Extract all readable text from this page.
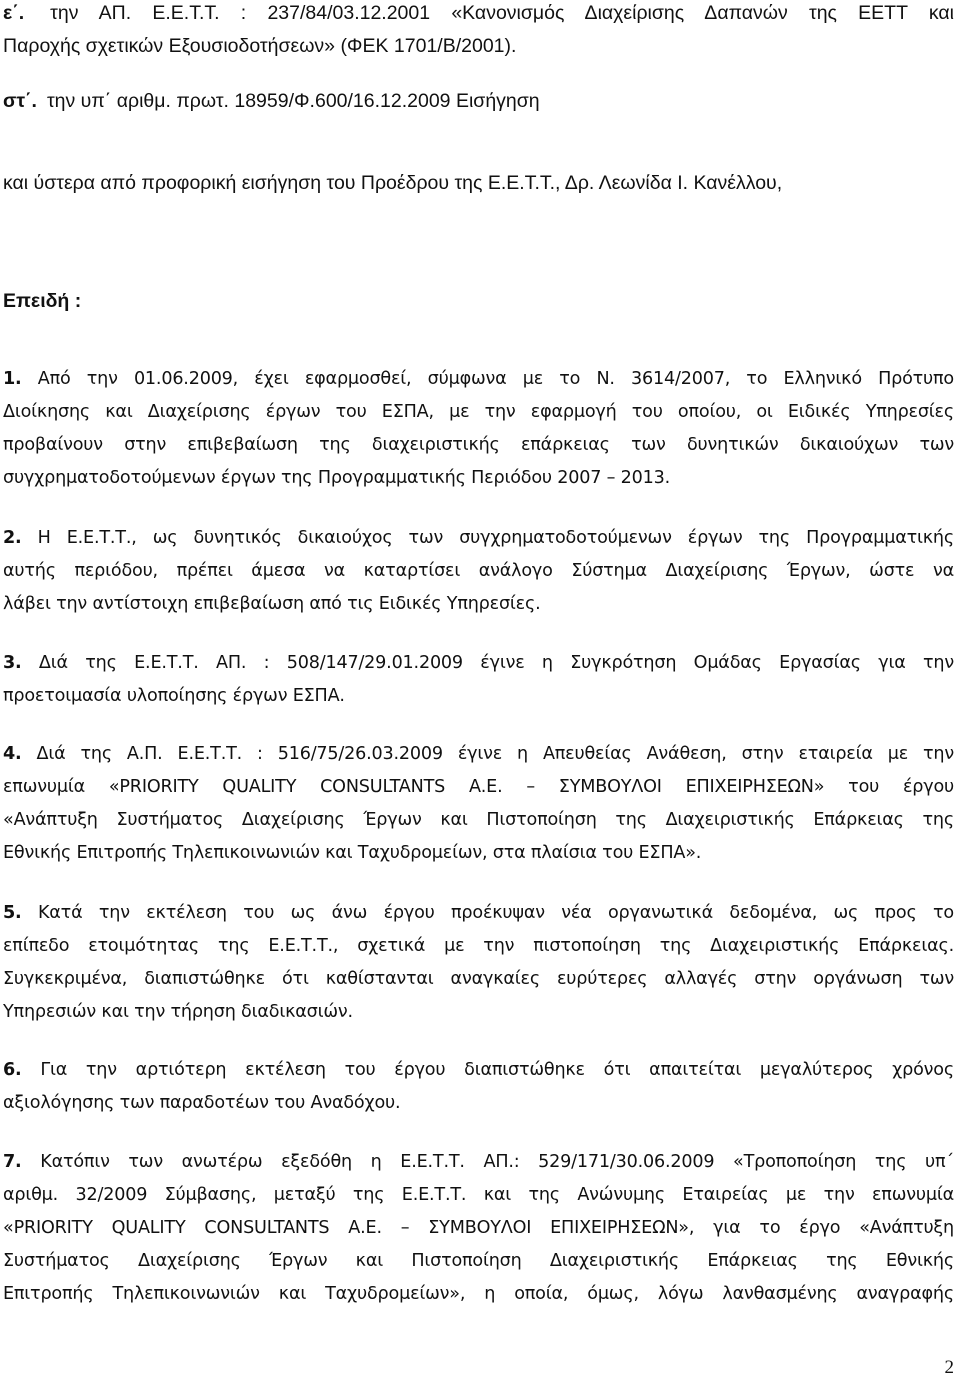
ε΄. την ΑΠ. Ε.Ε.Τ.Τ. : 237/84/03.12.2001 «Κανονισμός Διαχείρισης Δαπανών της ΕΕΤΤ και
Παροχής σχετικών Εξουσιοδοτήσεων» (ΦΕΚ 1701/Β/2001).
στ΄. την υπ΄ αριθμ. πρωτ. 18959/Φ.600/16.12.2009 Εισήγηση
και ύστερα από προφορική εισήγηση του Προέδρου της Ε.Ε.Τ.Τ., Δρ. Λεωνίδα Ι. Κανέλλου,
Επειδή :
1. Από την 01.06.2009, έχει εφαρμοσθεί, σύμφωνα με το Ν. 3614/2007, το Ελληνικό Πρότυπο
Διοίκησης και Διαχείρισης έργων του ΕΣΠΑ, με την εφαρμογή του οποίου, οι Ειδικές Υπηρεσίες
προβαίνουν στην επιβεβαίωση της διαχειριστικής επάρκειας των δυνητικών δικαιούχων των
συγχρηματοδοτούμενων έργων της Προγραμματικής Περιόδου 2007 – 2013.
2. Η Ε.Ε.Τ.Τ., ως δυνητικός δικαιούχος των συγχρηματοδοτούμενων έργων της Προγραμματικής
αυτής περιόδου, πρέπει άμεσα να καταρτίσει ανάλογο Σύστημα Διαχείρισης Έργων, ώστε να
λάβει την αντίστοιχη επιβεβαίωση από τις Ειδικές Υπηρεσίες.
3. Διά της Ε.Ε.Τ.Τ. ΑΠ. : 508/147/29.01.2009 έγινε η Συγκρότηση Ομάδας Εργασίας για την
προετοιμασία υλοποίησης έργων ΕΣΠΑ.
4. Διά της Α.Π. Ε.Ε.Τ.Τ. : 516/75/26.03.2009 έγινε η Απευθείας Ανάθεση, στην εταιρεία με την
επωνυμία «PRIORITY QUALITY CONSULTANTS Α.Ε. – ΣΥΜΒΟΥΛΟΙ ΕΠΙΧΕΙΡΗΣΕΩΝ» του έργου
«Ανάπτυξη Συστήματος Διαχείρισης Έργων και Πιστοποίηση της Διαχειριστικής Επάρκειας της
Εθνικής Επιτροπής Τηλεπικοινωνιών και Ταχυδρομείων, στα πλαίσια του ΕΣΠΑ».
5. Κατά την εκτέλεση του ως άνω έργου προέκυψαν νέα οργανωτικά δεδομένα, ως προς το
επίπεδο ετοιμότητας της Ε.Ε.Τ.Τ., σχετικά με την πιστοποίηση της Διαχειριστικής Επάρκειας.
Συγκεκριμένα, διαπιστώθηκε ότι καθίστανται αναγκαίες ευρύτερες αλλαγές στην οργάνωση των
Υπηρεσιών και την τήρηση διαδικασιών.
6. Για την αρτιότερη εκτέλεση του έργου διαπιστώθηκε ότι απαιτείται μεγαλύτερος χρόνος
αξιολόγησης των παραδοτέων του Αναδόχου.
7. Κατόπιν των ανωτέρω εξεδόθη η Ε.Ε.Τ.Τ. ΑΠ.: 529/171/30.06.2009 «Τροποποίηση της υπ΄
αριθμ. 32/2009 Σύμβασης, μεταξύ της Ε.Ε.Τ.Τ. και της Ανώνυμης Εταιρείας με την επωνυμία
«PRIORITY QUALITY CONSULTANTS Α.Ε. – ΣΥΜΒΟΥΛΟΙ ΕΠΙΧΕΙΡΗΣΕΩΝ», για το έργο «Ανάπτυξη
Συστήματος Διαχείρισης Έργων και Πιστοποίηση Διαχειριστικής Επάρκειας της Εθνικής
Επιτροπής Τηλεπικοινωνιών και Ταχυδρομείων», η οποία, όμως, λόγω λανθασμένης αναγραφής
2
